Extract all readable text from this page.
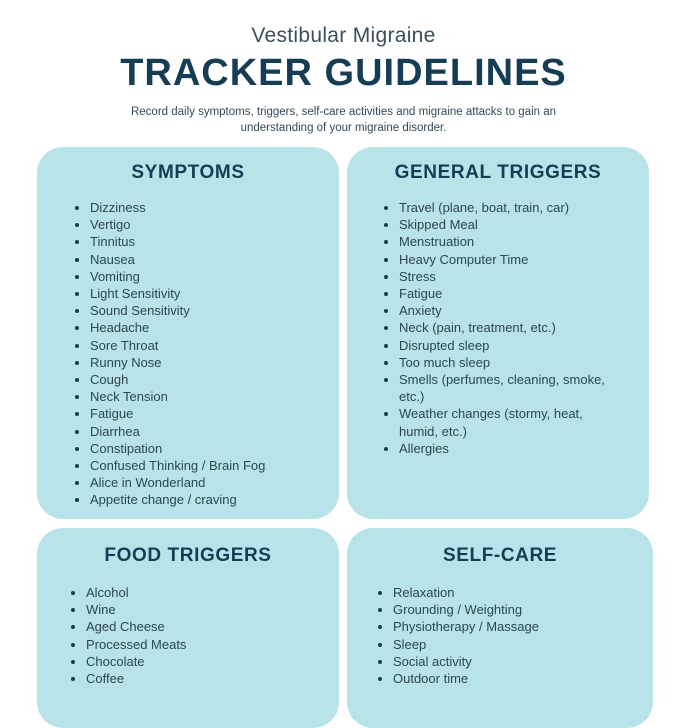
Vestibular Migraine
TRACKER GUIDELINES
Record daily symptoms, triggers, self-care activities and migraine attacks to gain an understanding of your migraine disorder.
SYMPTOMS
Dizziness
Vertigo
Tinnitus
Nausea
Vomiting
Light Sensitivity
Sound Sensitivity
Headache
Sore Throat
Runny Nose
Cough
Neck Tension
Fatigue
Diarrhea
Constipation
Confused Thinking / Brain Fog
Alice in Wonderland
Appetite change / craving
GENERAL TRIGGERS
Travel (plane, boat, train, car)
Skipped Meal
Menstruation
Heavy Computer Time
Stress
Fatigue
Anxiety
Neck (pain, treatment, etc.)
Disrupted sleep
Too much sleep
Smells (perfumes, cleaning, smoke, etc.)
Weather changes (stormy, heat, humid, etc.)
Allergies
FOOD TRIGGERS
Alcohol
Wine
Aged Cheese
Processed Meats
Chocolate
Coffee
SELF-CARE
Relaxation
Grounding / Weighting
Physiotherapy / Massage
Sleep
Social activity
Outdoor time
